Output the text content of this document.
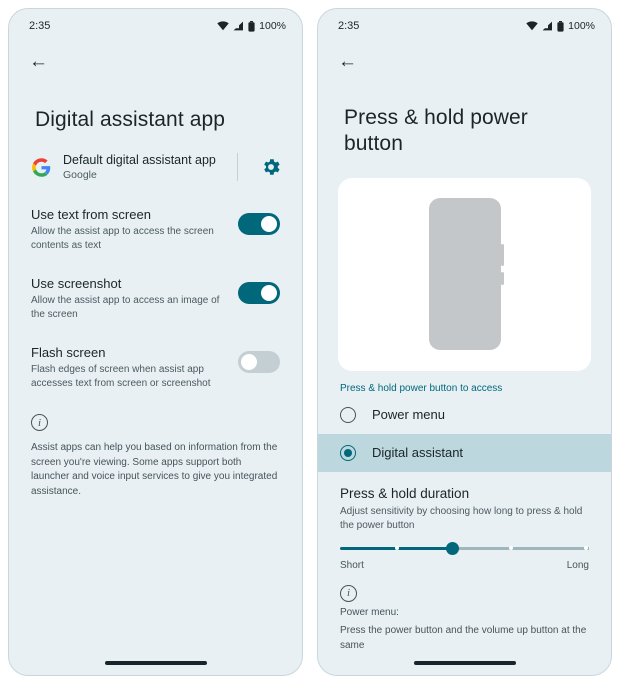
2:35	100%
←
Digital assistant app
Default digital assistant app
Google
Use text from screen
Allow the assist app to access the screen contents as text
Use screenshot
Allow the assist app to access an image of the screen
Flash screen
Flash edges of screen when assist app accesses text from screen or screenshot
i
Assist apps can help you based on information from the screen you're viewing. Some apps support both launcher and voice input services to give you integrated assistance.
2:35	100%
←
Press & hold power button
Press & hold power button to access
Power menu
Digital assistant
Press & hold duration
Adjust sensitivity by choosing how long to press & hold the power button
Short	Long
i
Power menu:
Press the power button and the volume up button at the same
